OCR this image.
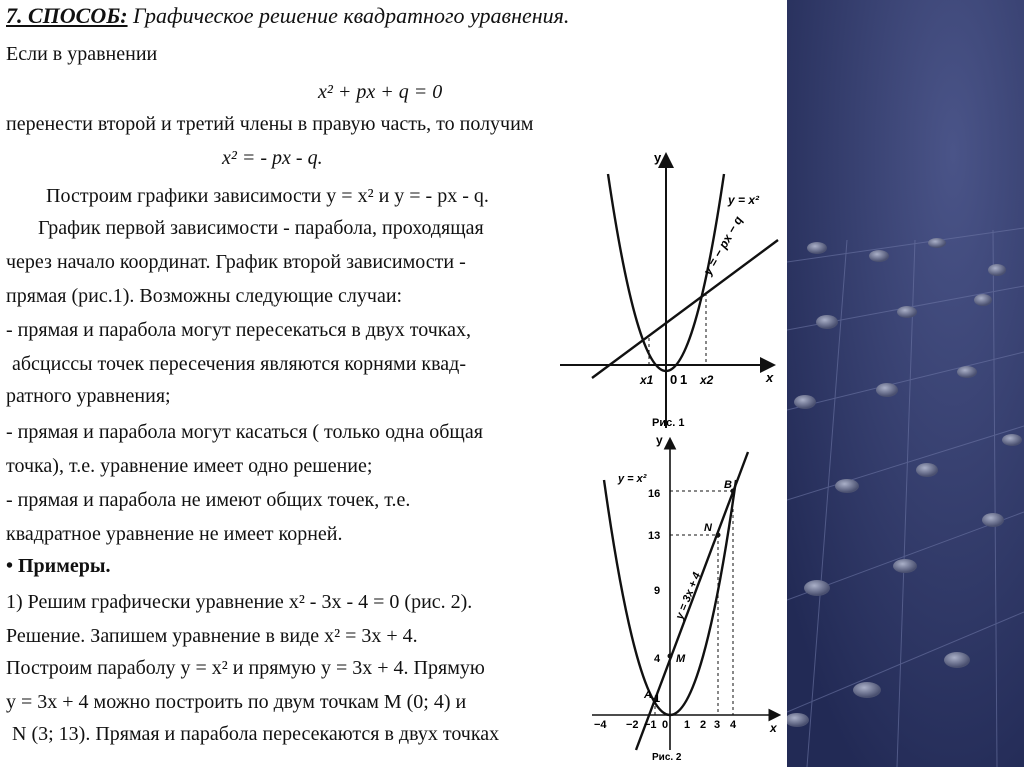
7. СПОСОБ: Графическое решение квадратного уравнения.
Если в уравнении
x² + px + q = 0
перенести второй и третий члены в правую часть, то получим
x² = - px - q.
Построим графики зависимости у = х² и у = - рх - q.
График первой зависимости - парабола, проходящая
через начало координат. График второй зависимости -
прямая (рис.1). Возможны следующие случаи:
- прямая и парабола могут пересекаться в двух точках,
абсциссы точек пересечения являются корнями квад-
ратного уравнения;
- прямая и парабола могут касаться ( только одна общая
точка), т.е. уравнение имеет одно решение;
- прямая и парабола не имеют общих точек, т.е.
квадратное уравнение не имеет корней.
• Примеры.
1) Решим графически уравнение x² - 3x - 4 = 0 (рис. 2).
Решение. Запишем уравнение в виде x² = 3x + 4.
Построим параболу y = x² и прямую y = 3x + 4. Прямую
y = 3x + 4 можно построить по двум точкам M (0; 4) и
N (3; 13). Прямая и парабола пересекаются в двух точках
y
x
0 1
x1	x2
y = x²
y = − px − q
Рис. 1
y
x
y = x²
y = 3x + 4
16
13
9
4
1
−4 −2 −1 0 1 2 3 4
A
B
M
N
Рис. 2
